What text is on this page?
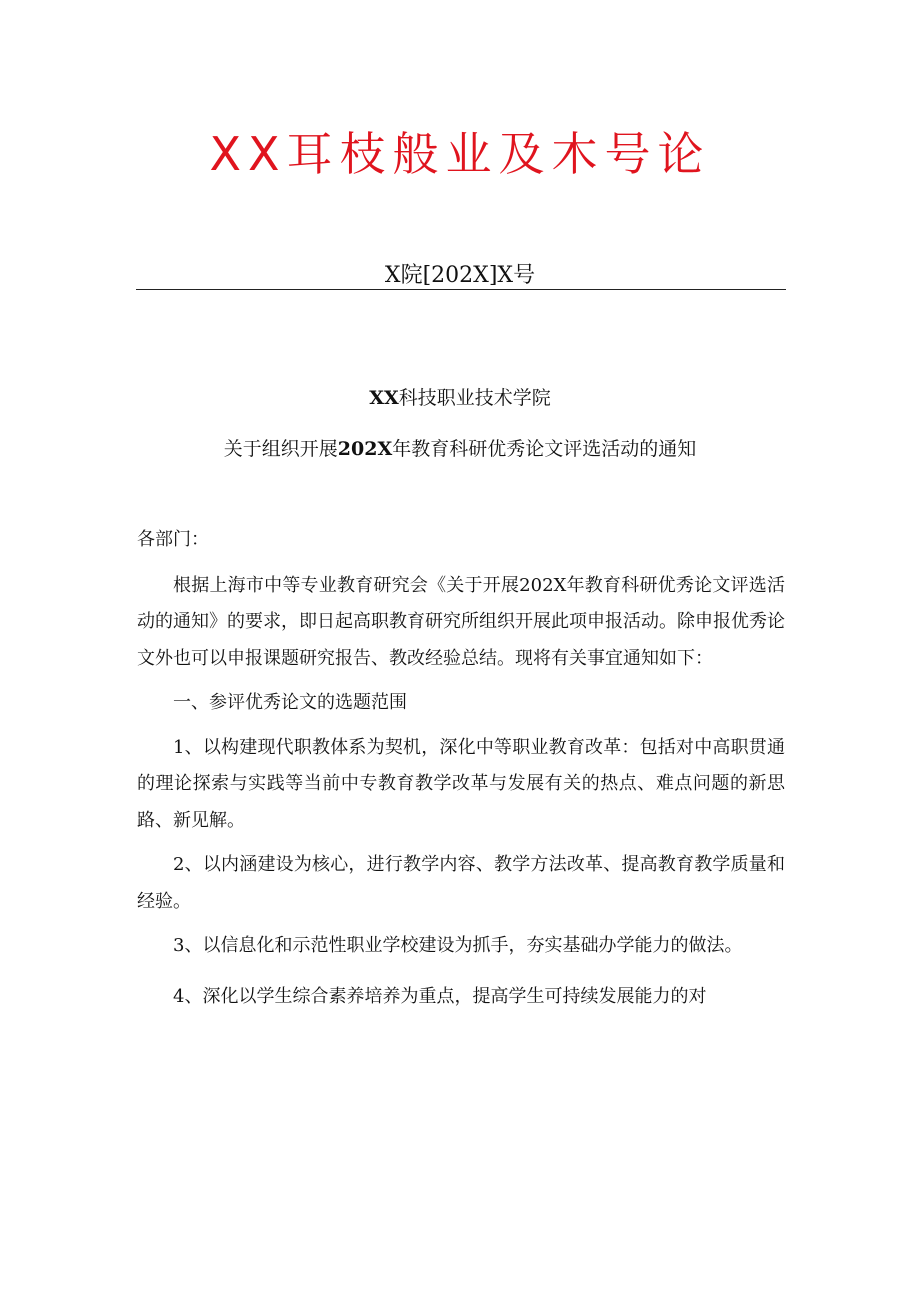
XX耳枝般业及木号论
X院[202X]X号
XX科技职业技术学院
关于组织开展202X年教育科研优秀论文评选活动的通知

各部门：

根据上海市中等专业教育研究会《关于开展202X年教育科研优秀论文评选活动的通知》的要求，即日起高职教育研究所组织开展此项申报活动。除申报优秀论文外也可以申报课题研究报告、教改经验总结。现将有关事宜通知如下：

一、参评优秀论文的选题范围

1、以构建现代职教体系为契机，深化中等职业教育改革：包括对中高职贯通的理论探索与实践等当前中专教育教学改革与发展有关的热点、难点问题的新思路、新见解。

2、以内涵建设为核心，进行教学内容、教学方法改革、提高教育教学质量和经验。

3、以信息化和示范性职业学校建设为抓手，夯实基础办学能力的做法。

4、深化以学生综合素养培养为重点，提高学生可持续发展能力的对
